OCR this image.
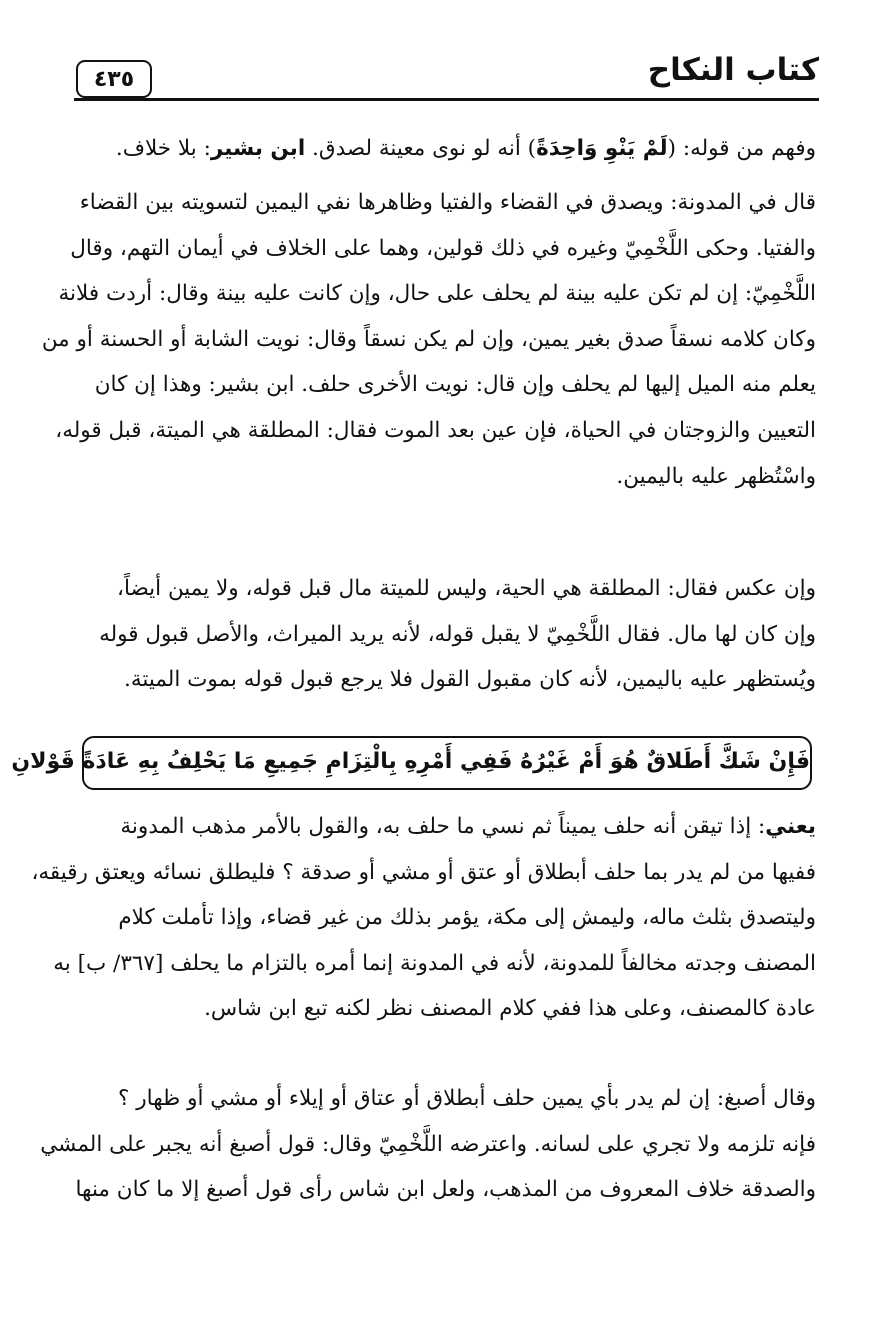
كتاب النكاح
٤٣٥
وفهم من قوله: (لَمْ يَنْوِ وَاحِدَةً) أنه لو نوى معينة لصدق. ابن بشير: بلا خلاف.
قال في المدونة: ويصدق في القضاء والفتيا وظاهرها نفي اليمين لتسويته بين القضاء
والفتيا. وحكى اللَّخْمِيّ وغيره في ذلك قولين، وهما على الخلاف في أيمان التهم، وقال
اللَّخْمِيّ: إن لم تكن عليه بينة لم يحلف على حال، وإن كانت عليه بينة وقال: أردت فلانة
وكان كلامه نسقاً صدق بغير يمين، وإن لم يكن نسقاً وقال: نويت الشابة أو الحسنة أو من
يعلم منه الميل إليها لم يحلف وإن قال: نويت الأخرى حلف. ابن بشير: وهذا إن كان
التعيين والزوجتان في الحياة، فإن عين بعد الموت فقال: المطلقة هي الميتة، قبل قوله،
واسْتُظهر عليه باليمين.
وإن عكس فقال: المطلقة هي الحية، وليس للميتة مال قبل قوله، ولا يمين أيضاً،
وإن كان لها مال. فقال اللَّخْمِيّ لا يقبل قوله، لأنه يريد الميراث، والأصل قبول قوله
ويُستظهر عليه باليمين، لأنه كان مقبول القول فلا يرجع قبول قوله بموت الميتة.
فَإِنْ شَكَّ أَطَلاقٌ هُوَ أَمْ غَيْرُهُ فَفِي أَمْرِهِ بِالْتِزَامِ جَمِيعِ مَا يَحْلِفُ بِهِ عَادَةً قَوْلانِ
يعني: إذا تيقن أنه حلف يميناً ثم نسي ما حلف به، والقول بالأمر مذهب المدونة
ففيها من لم يدر بما حلف أبطلاق أو عتق أو مشي أو صدقة ؟ فليطلق نسائه ويعتق رقيقه،
وليتصدق بثلث ماله، وليمش إلى مكة، يؤمر بذلك من غير قضاء، وإذا تأملت كلام
المصنف وجدته مخالفاً للمدونة، لأنه في المدونة إنما أمره بالتزام ما يحلف [٣٦٧/ ب] به
عادة كالمصنف، وعلى هذا ففي كلام المصنف نظر لكنه تبع ابن شاس.
وقال أصبغ: إن لم يدر بأي يمين حلف أبطلاق أو عتاق أو إيلاء أو مشي أو ظهار ؟
فإنه تلزمه ولا تجري على لسانه. واعترضه اللَّخْمِيّ وقال: قول أصبغ أنه يجبر على المشي
والصدقة خلاف المعروف من المذهب، ولعل ابن شاس رأى قول أصبغ إلا ما كان منها
